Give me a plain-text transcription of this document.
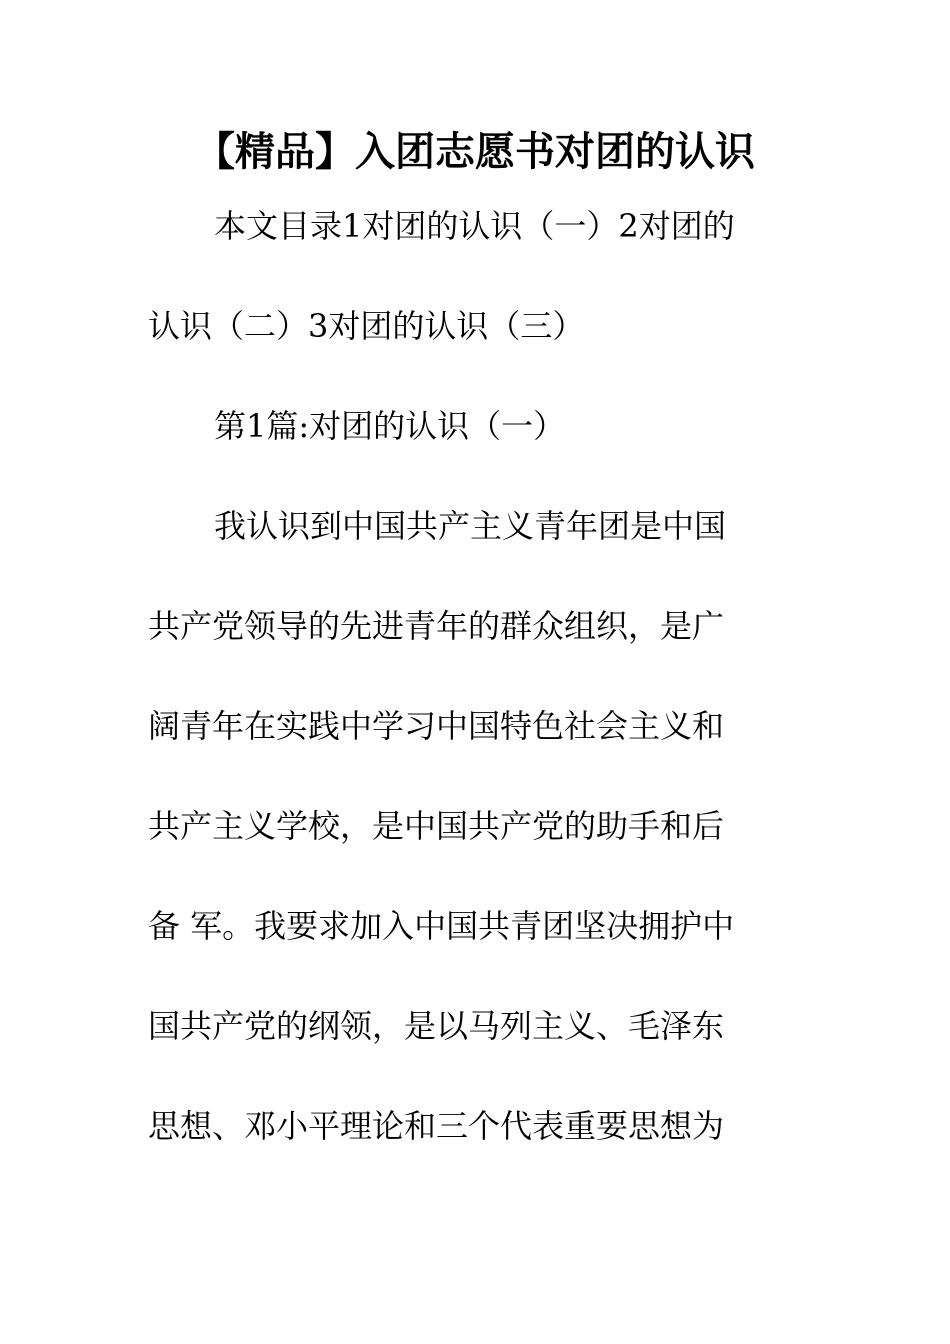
【精品】入团志愿书对团的认识
本文目录1对团的认识（一）2对团的
认识（二）3对团的认识（三）
第1篇:对团的认识（一）
我认识到中国共产主义青年团是中国
共产党领导的先进青年的群众组织，是广
阔青年在实践中学习中国特色社会主义和
共产主义学校，是中国共产党的助手和后
备 军。我要求加入中国共青团坚决拥护中
国共产党的纲领，是以马列主义、毛泽东
思想、邓小平理论和三个代表重要思想为
